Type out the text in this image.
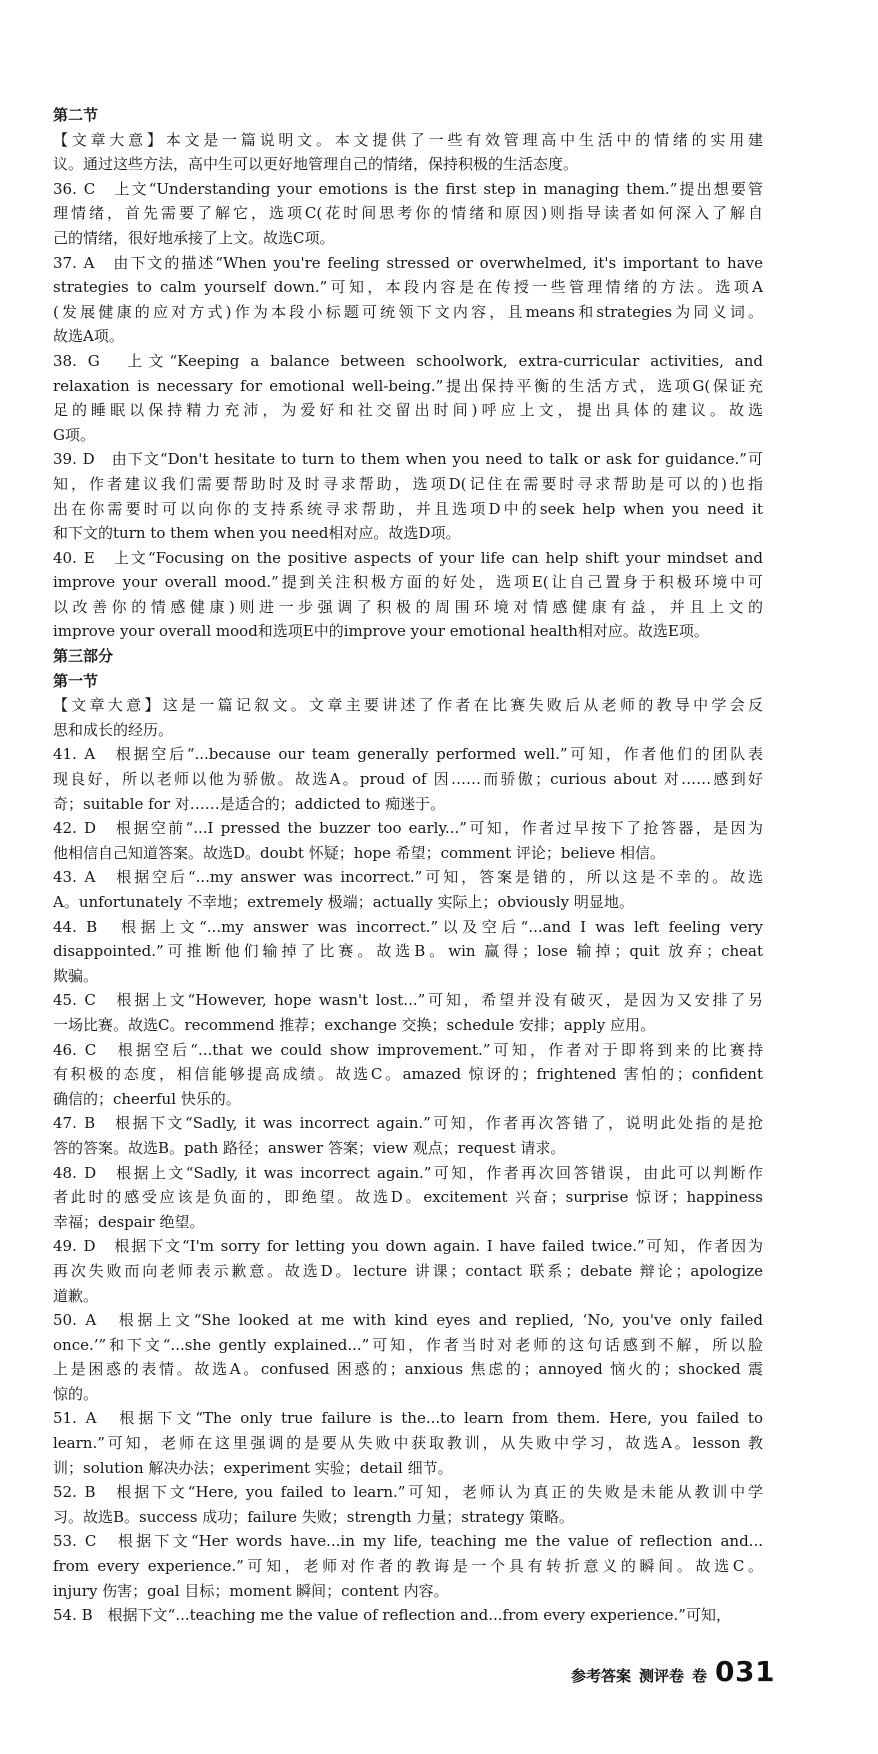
第二节
【文章大意】本文是一篇说明文。本文提供了一些有效管理高中生活中的情绪的实用建
议。通过这些方法，高中生可以更好地管理自己的情绪，保持积极的生活态度。
36. C　上文“Understanding your emotions is the first step in managing them.”提出想要管
理情绪，首先需要了解它，选项C(花时间思考你的情绪和原因)则指导读者如何深入了解自
己的情绪，很好地承接了上文。故选C项。
37. A　由下文的描述“When you're feeling stressed or overwhelmed, it's important to have
strategies to calm yourself down.”可知，本段内容是在传授一些管理情绪的方法。选项A
(发展健康的应对方式)作为本段小标题可统领下文内容，且means和strategies为同义词。
故选A项。
38. G　上文“Keeping a balance between schoolwork, extra-curricular activities, and
relaxation is necessary for emotional well-being.”提出保持平衡的生活方式，选项G(保证充
足的睡眠以保持精力充沛，为爱好和社交留出时间)呼应上文，提出具体的建议。故选
G项。
39. D　由下文“Don't hesitate to turn to them when you need to talk or ask for guidance.”可
知，作者建议我们需要帮助时及时寻求帮助，选项D(记住在需要时寻求帮助是可以的)也指
出在你需要时可以向你的支持系统寻求帮助，并且选项D中的seek help when you need it
和下文的turn to them when you need相对应。故选D项。
40. E　上文“Focusing on the positive aspects of your life can help shift your mindset and
improve your overall mood.”提到关注积极方面的好处，选项E(让自己置身于积极环境中可
以改善你的情感健康)则进一步强调了积极的周围环境对情感健康有益，并且上文的
improve your overall mood和选项E中的improve your emotional health相对应。故选E项。
第三部分
第一节
【文章大意】这是一篇记叙文。文章主要讲述了作者在比赛失败后从老师的教导中学会反
思和成长的经历。
41. A　根据空后“...because our team generally performed well.”可知，作者他们的团队表
现良好，所以老师以他为骄傲。故选A。proud of 因……而骄傲；curious about 对……感到好
奇；suitable for 对……是适合的；addicted to 痴迷于。
42. D　根据空前“...I pressed the buzzer too early...”可知，作者过早按下了抢答器，是因为
他相信自己知道答案。故选D。doubt 怀疑；hope 希望；comment 评论；believe 相信。
43. A　根据空后“...my answer was incorrect.”可知，答案是错的，所以这是不幸的。故选
A。unfortunately 不幸地；extremely 极端；actually 实际上；obviously 明显地。
44. B　根据上文“...my answer was incorrect.”以及空后“...and I was left feeling very
disappointed.”可推断他们输掉了比赛。故选B。win 赢得；lose 输掉；quit 放弃；cheat
欺骗。
45. C　根据上文“However, hope wasn't lost...”可知，希望并没有破灭，是因为又安排了另
一场比赛。故选C。recommend 推荐；exchange 交换；schedule 安排；apply 应用。
46. C　根据空后“...that we could show improvement.”可知，作者对于即将到来的比赛持
有积极的态度，相信能够提高成绩。故选C。amazed 惊讶的；frightened 害怕的；confident
确信的；cheerful 快乐的。
47. B　根据下文“Sadly, it was incorrect again.”可知，作者再次答错了，说明此处指的是抢
答的答案。故选B。path 路径；answer 答案；view 观点；request 请求。
48. D　根据上文“Sadly, it was incorrect again.”可知，作者再次回答错误，由此可以判断作
者此时的感受应该是负面的，即绝望。故选D。excitement 兴奋；surprise 惊讶；happiness
幸福；despair 绝望。
49. D　根据下文“I'm sorry for letting you down again. I have failed twice.”可知，作者因为
再次失败而向老师表示歉意。故选D。lecture 讲课；contact 联系；debate 辩论；apologize
道歉。
50. A　根据上文“She looked at me with kind eyes and replied, ‘No, you've only failed
once.’”和下文“...she gently explained...”可知，作者当时对老师的这句话感到不解，所以脸
上是困惑的表情。故选A。confused 困惑的；anxious 焦虑的；annoyed 恼火的；shocked 震
惊的。
51. A　根据下文“The only true failure is the...to learn from them. Here, you failed to
learn.”可知，老师在这里强调的是要从失败中获取教训，从失败中学习，故选A。lesson 教
训；solution 解决办法；experiment 实验；detail 细节。
52. B　根据下文“Here, you failed to learn.”可知，老师认为真正的失败是未能从教训中学
习。故选B。success 成功；failure 失败；strength 力量；strategy 策略。
53. C　根据下文“Her words have...in my life, teaching me the value of reflection and...
from every experience.”可知，老师对作者的教诲是一个具有转折意义的瞬间。故选C。
injury 伤害；goal 目标；moment 瞬间；content 内容。
54. B　根据下文“...teaching me the value of reflection and...from every experience.”可知，
参考答案 测评卷 卷 031
